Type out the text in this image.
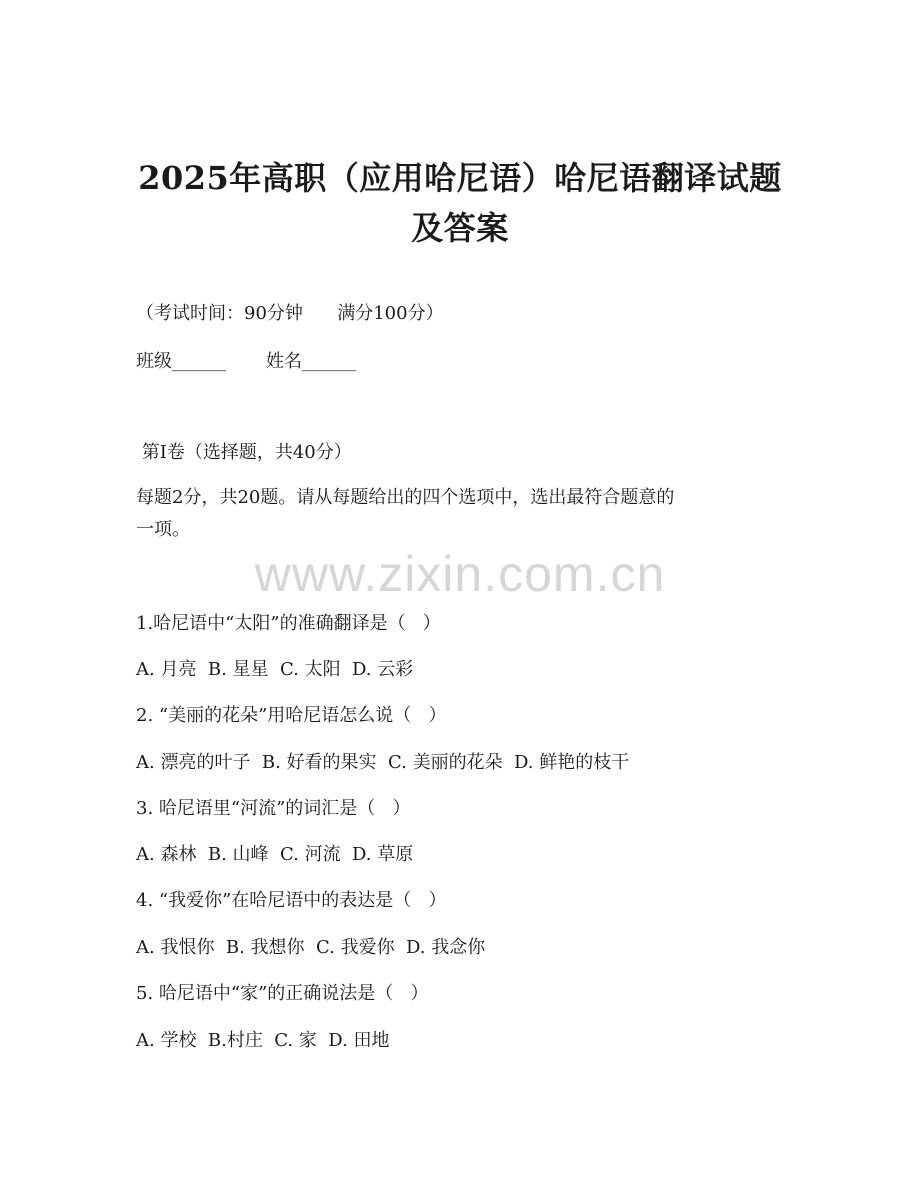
2025年高职（应用哈尼语）哈尼语翻译试题
及答案
（考试时间：90分钟      满分100分）
班级______       姓名______
第Ⅰ卷（选择题，共40分）
每题2分，共20题。请从每题给出的四个选项中，选出最符合题意的
一项。
www.zixin.com.cn
1.哈尼语中“太阳”的准确翻译是（   ）
A. 月亮  B. 星星  C. 太阳  D. 云彩
2. “美丽的花朵”用哈尼语怎么说（   ）
A. 漂亮的叶子  B. 好看的果实  C. 美丽的花朵  D. 鲜艳的枝干
3. 哈尼语里“河流”的词汇是（   ）
A. 森林  B. 山峰  C. 河流  D. 草原
4. “我爱你”在哈尼语中的表达是（   ）
A. 我恨你  B. 我想你  C. 我爱你  D. 我念你
5. 哈尼语中“家”的正确说法是（   ）
A. 学校  B.村庄  C. 家  D. 田地
